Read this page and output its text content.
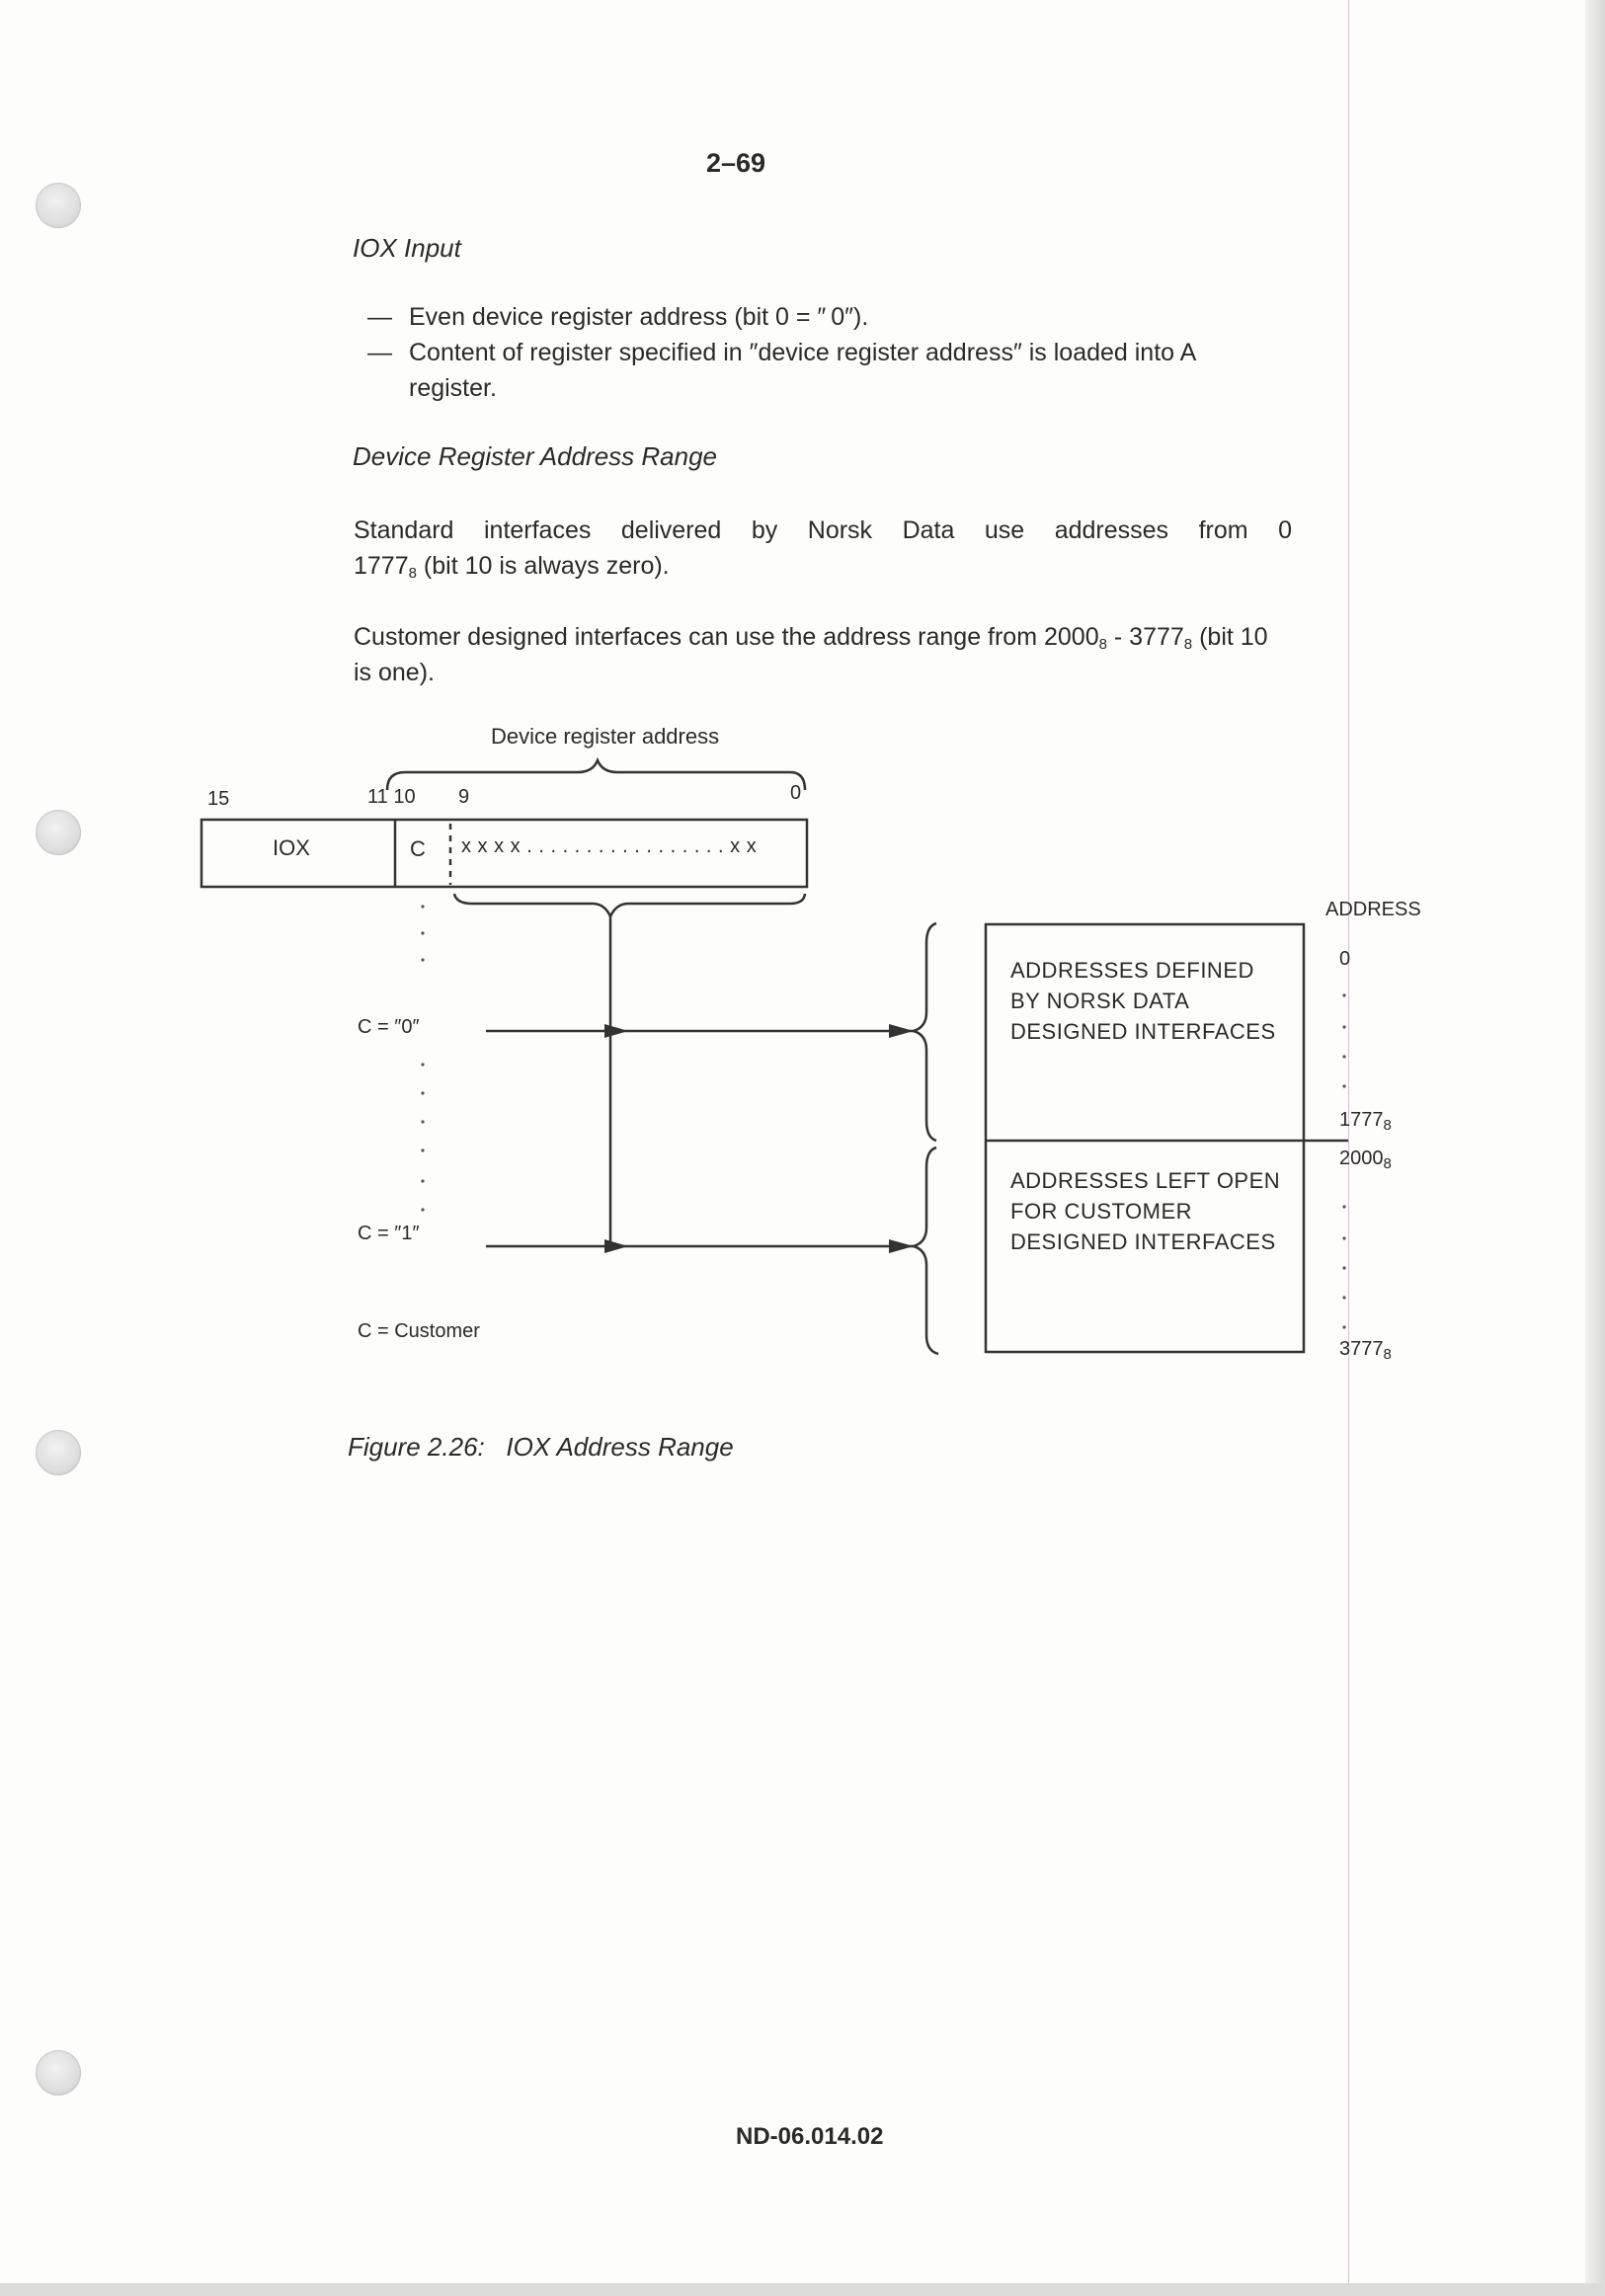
2–69

IOX Input

— Even device register address (bit 0 = ″ 0″).

— Content of register specified in ″device register address″ is loaded into A

register.

Device Register Address Range

Standard interfaces delivered by Norsk Data use addresses from 0

$1777_8$ (bit 10 is always zero).

Customer designed interfaces can use the address range from $2000_8 - 3777_8$ (bit 10

is one).

Device register address

15	11 10 9	0

IOX	C x x x x . . . . . . . . . . . . . . . . . x x

C = ″0″

C = ″1″

C = Customer

ADDRESS

ADDRESSES DEFINED
BY NORSK DATA
DESIGNED INTERFACES
ADDRESSES LEFT OPEN
FOR CUSTOMER
DESIGNED INTERFACES

0

$1777_8$

$2000_8$

$3777_8$

Figure 2.26:   IOX Address Range

ND-06.014.02
